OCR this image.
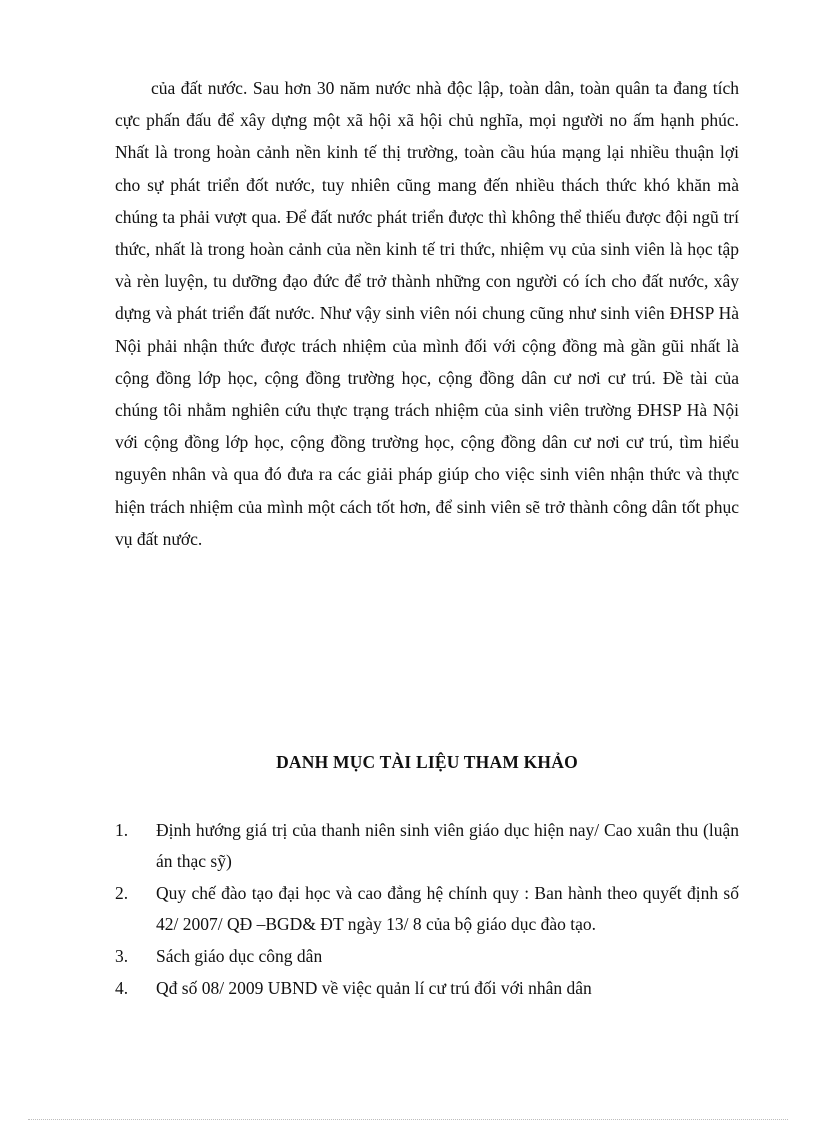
của đất nước. Sau hơn 30 năm nước nhà độc lập, toàn dân, toàn quân ta đang tích cực phấn đấu để xây dựng một xã hội xã hội chủ nghĩa, mọi người no ấm hạnh phúc. Nhất là trong hoàn cảnh nền kinh tế thị trường, toàn cầu húa mạng lại nhiều thuận lợi cho sự phát triển đốt nước, tuy nhiên cũng mang đến nhiều thách thức khó khăn mà chúng ta phải vượt qua. Để đất nước phát triển được thì không thể thiếu được đội ngũ trí thức, nhất là trong hoàn cảnh của nền kinh tế tri thức, nhiệm vụ của sinh viên là học tập và rèn luyện, tu dưỡng đạo đức để trở thành những con người có ích cho đất nước, xây dựng và phát triển đất nước. Như vậy sinh viên nói chung cũng như sinh viên ĐHSP Hà Nội phải nhận thức được trách nhiệm của mình đối với cộng đồng mà gần gũi nhất là cộng đồng lớp học, cộng đồng trường học, cộng đồng dân cư nơi cư trú. Đề tài của chúng tôi nhằm nghiên cứu thực trạng trách nhiệm của sinh viên trường ĐHSP Hà Nội với cộng đồng lớp học, cộng đồng trường học, cộng đồng dân cư nơi cư trú, tìm hiểu nguyên nhân và qua đó đưa ra các giải pháp giúp cho việc sinh viên nhận thức và thực hiện trách nhiệm của mình một cách tốt hơn, để sinh viên sẽ trở thành công dân tốt phục vụ đất nước.

DANH MỤC TÀI LIỆU THAM KHẢO
1.	Định hướng giá trị của thanh niên sinh viên giáo dục hiện nay/ Cao xuân thu (luận án thạc sỹ)
2.	Quy chế đào tạo đại học và cao đẳng hệ chính quy : Ban hành theo quyết định số 42/ 2007/ QĐ –BGD& ĐT ngày 13/ 8 của bộ giáo dục đào tạo.
3.	Sách giáo dục công dân
4.	Qđ số 08/ 2009 UBND về việc quản lí cư trú đối với nhân dân
